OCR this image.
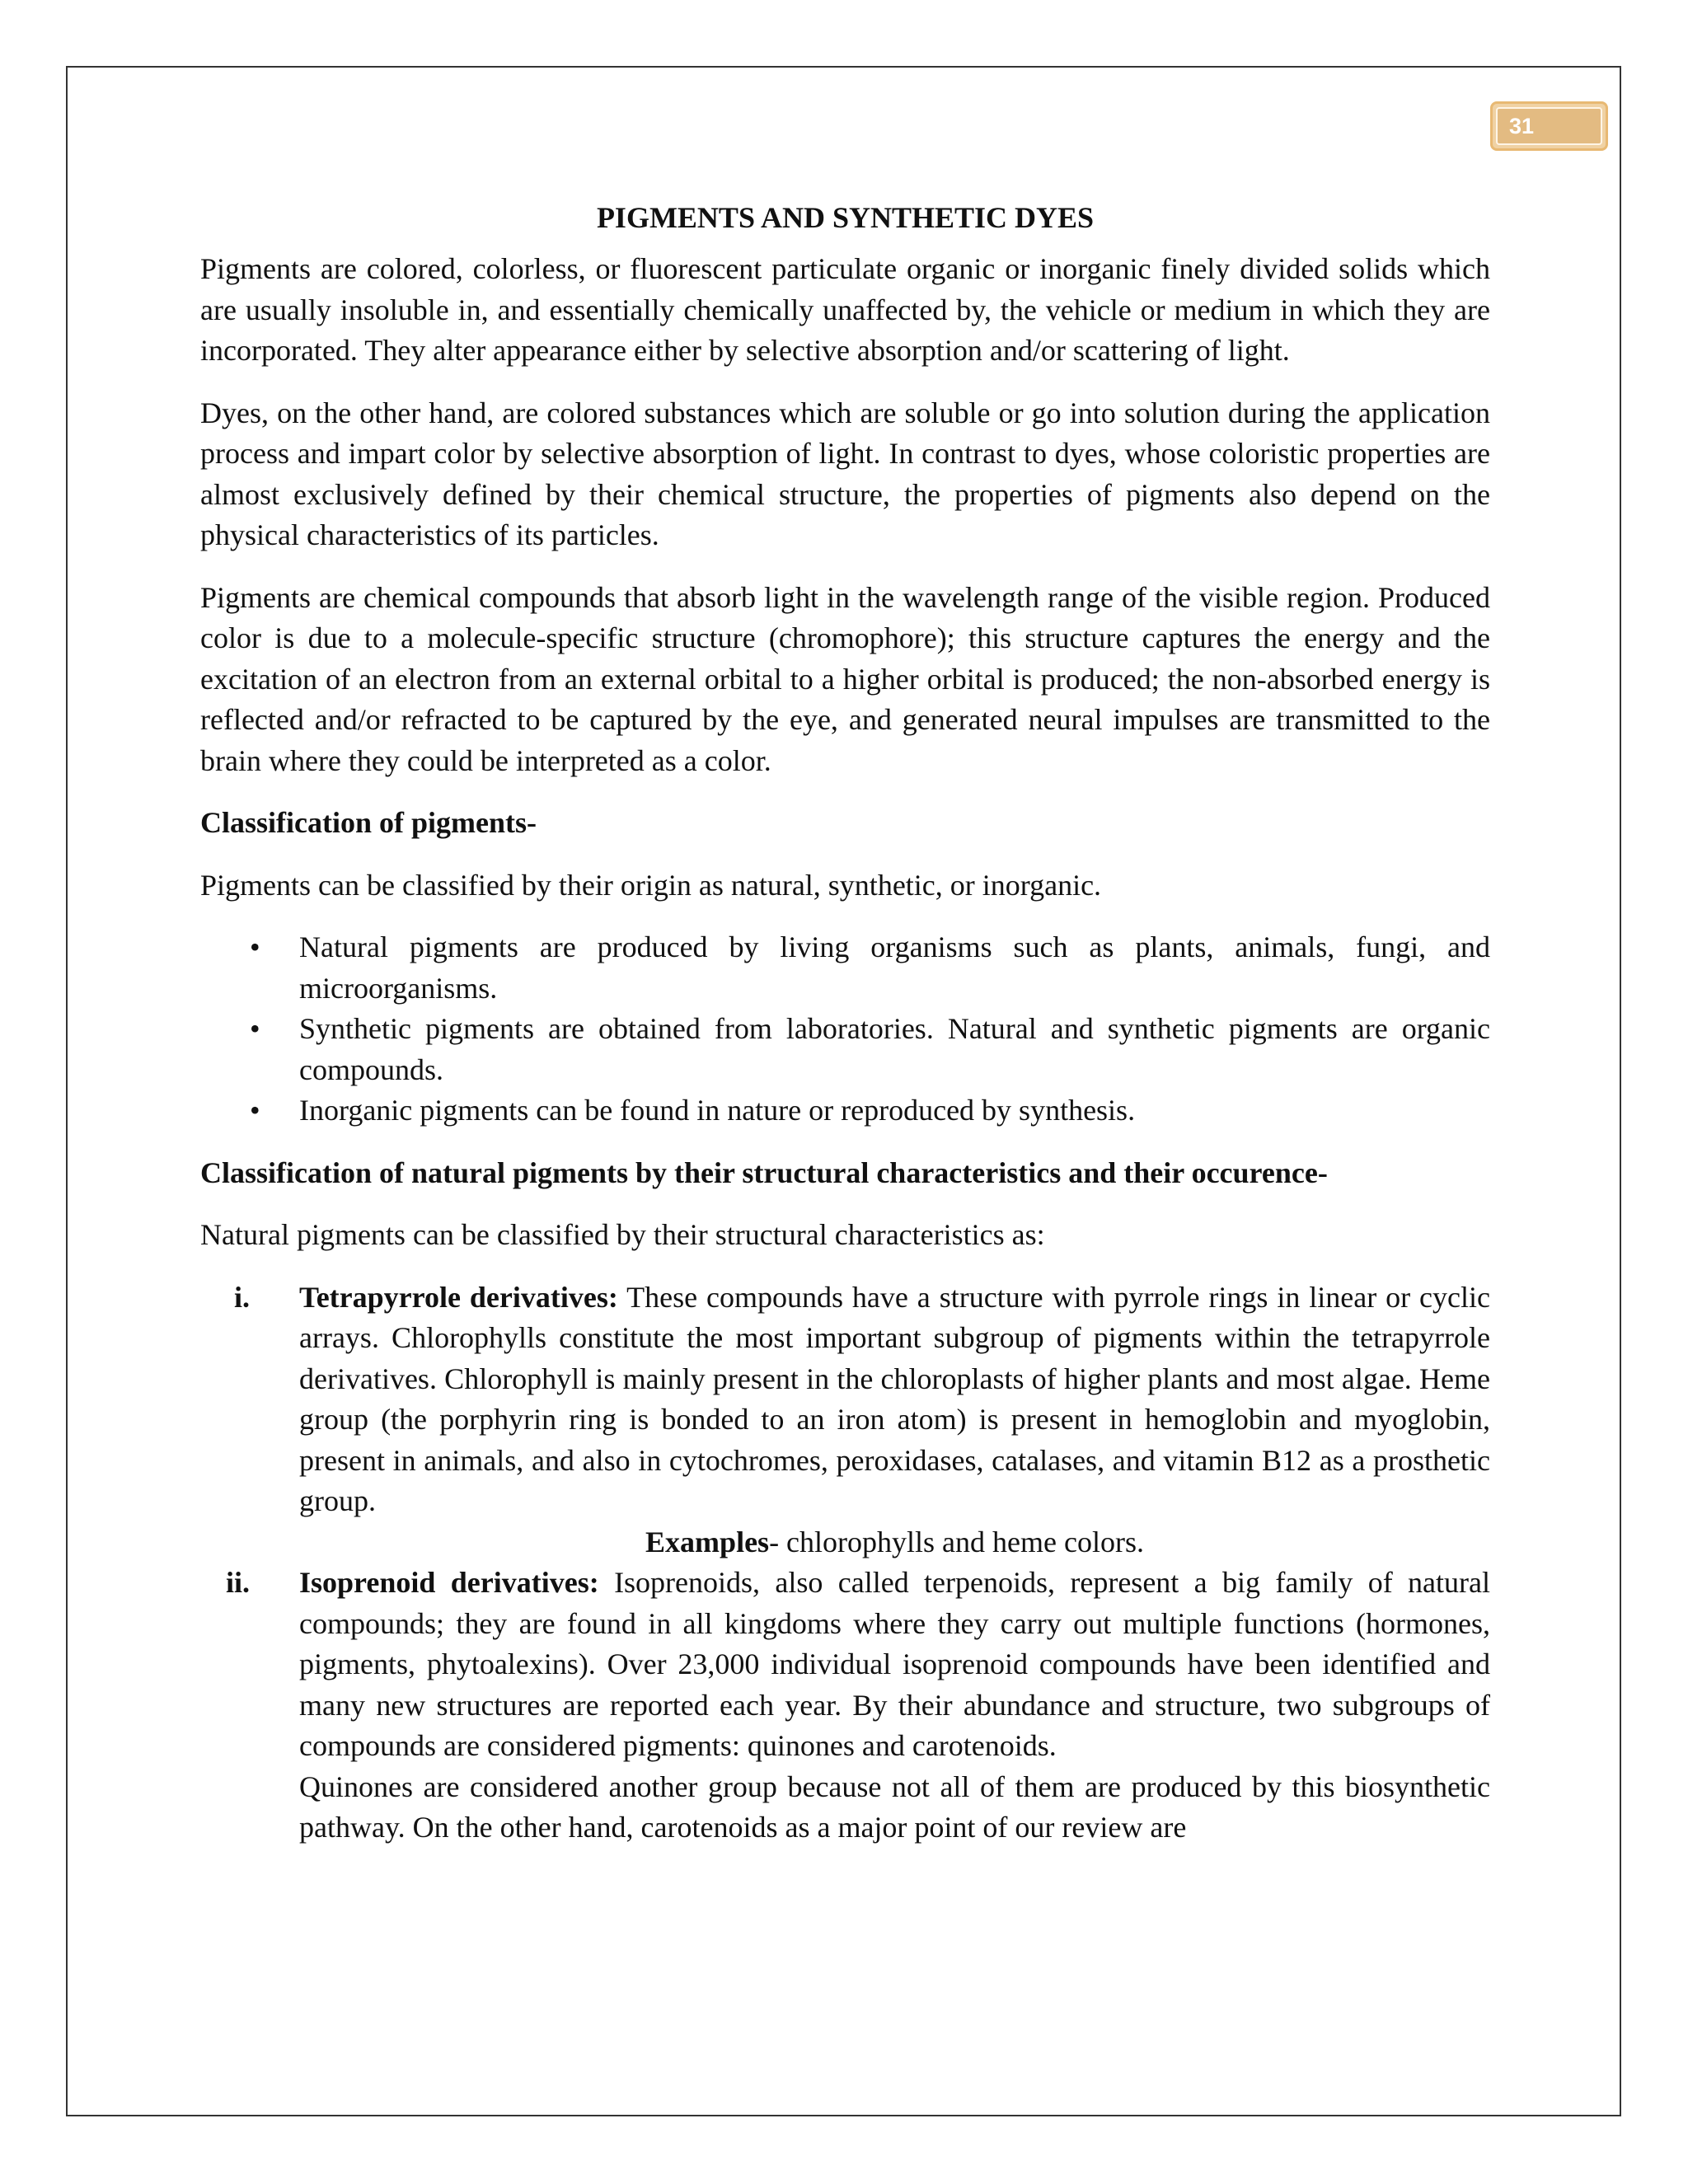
31
PIGMENTS AND SYNTHETIC DYES

Pigments are colored, colorless, or fluorescent particulate organic or inorganic finely divided solids which are usually insoluble in, and essentially chemically unaffected by, the vehicle or medium in which they are incorporated. They alter appearance either by selective absorption and/or scattering of light.

Dyes, on the other hand, are colored substances which are soluble or go into solution during the application process and impart color by selective absorption of light. In contrast to dyes, whose coloristic properties are almost exclusively defined by their chemical structure, the properties of pigments also depend on the physical characteristics of its particles.

Pigments are chemical compounds that absorb light in the wavelength range of the visible region. Produced color is due to a molecule-specific structure (chromophore); this structure captures the energy and the excitation of an electron from an external orbital to a higher orbital is produced; the non-absorbed energy is reflected and/or refracted to be captured by the eye, and generated neural impulses are transmitted to the brain where they could be interpreted as a color.

Classification of pigments-

Pigments can be classified by their origin as natural, synthetic, or inorganic.

• Natural pigments are produced by living organisms such as plants, animals, fungi, and microorganisms.
• Synthetic pigments are obtained from laboratories. Natural and synthetic pigments are organic compounds.
• Inorganic pigments can be found in nature or reproduced by synthesis.
Classification of natural pigments by their structural characteristics and their occurence-

Natural pigments can be classified by their structural characteristics as:

i. Tetrapyrrole derivatives: These compounds have a structure with pyrrole rings in linear or cyclic arrays. Chlorophylls constitute the most important subgroup of pigments within the tetrapyrrole derivatives. Chlorophyll is mainly present in the chloroplasts of higher plants and most algae. Heme group (the porphyrin ring is bonded to an iron atom) is present in hemoglobin and myoglobin, present in animals, and also in cytochromes, peroxidases, catalases, and vitamin B12 as a prosthetic group.
Examples- chlorophylls and heme colors.
ii. Isoprenoid derivatives: Isoprenoids, also called terpenoids, represent a big family of natural compounds; they are found in all kingdoms where they carry out multiple functions (hormones, pigments, phytoalexins). Over 23,000 individual isoprenoid compounds have been identified and many new structures are reported each year. By their abundance and structure, two subgroups of compounds are considered pigments: quinones and carotenoids.
Quinones are considered another group because not all of them are produced by this biosynthetic pathway. On the other hand, carotenoids as a major point of our review are
